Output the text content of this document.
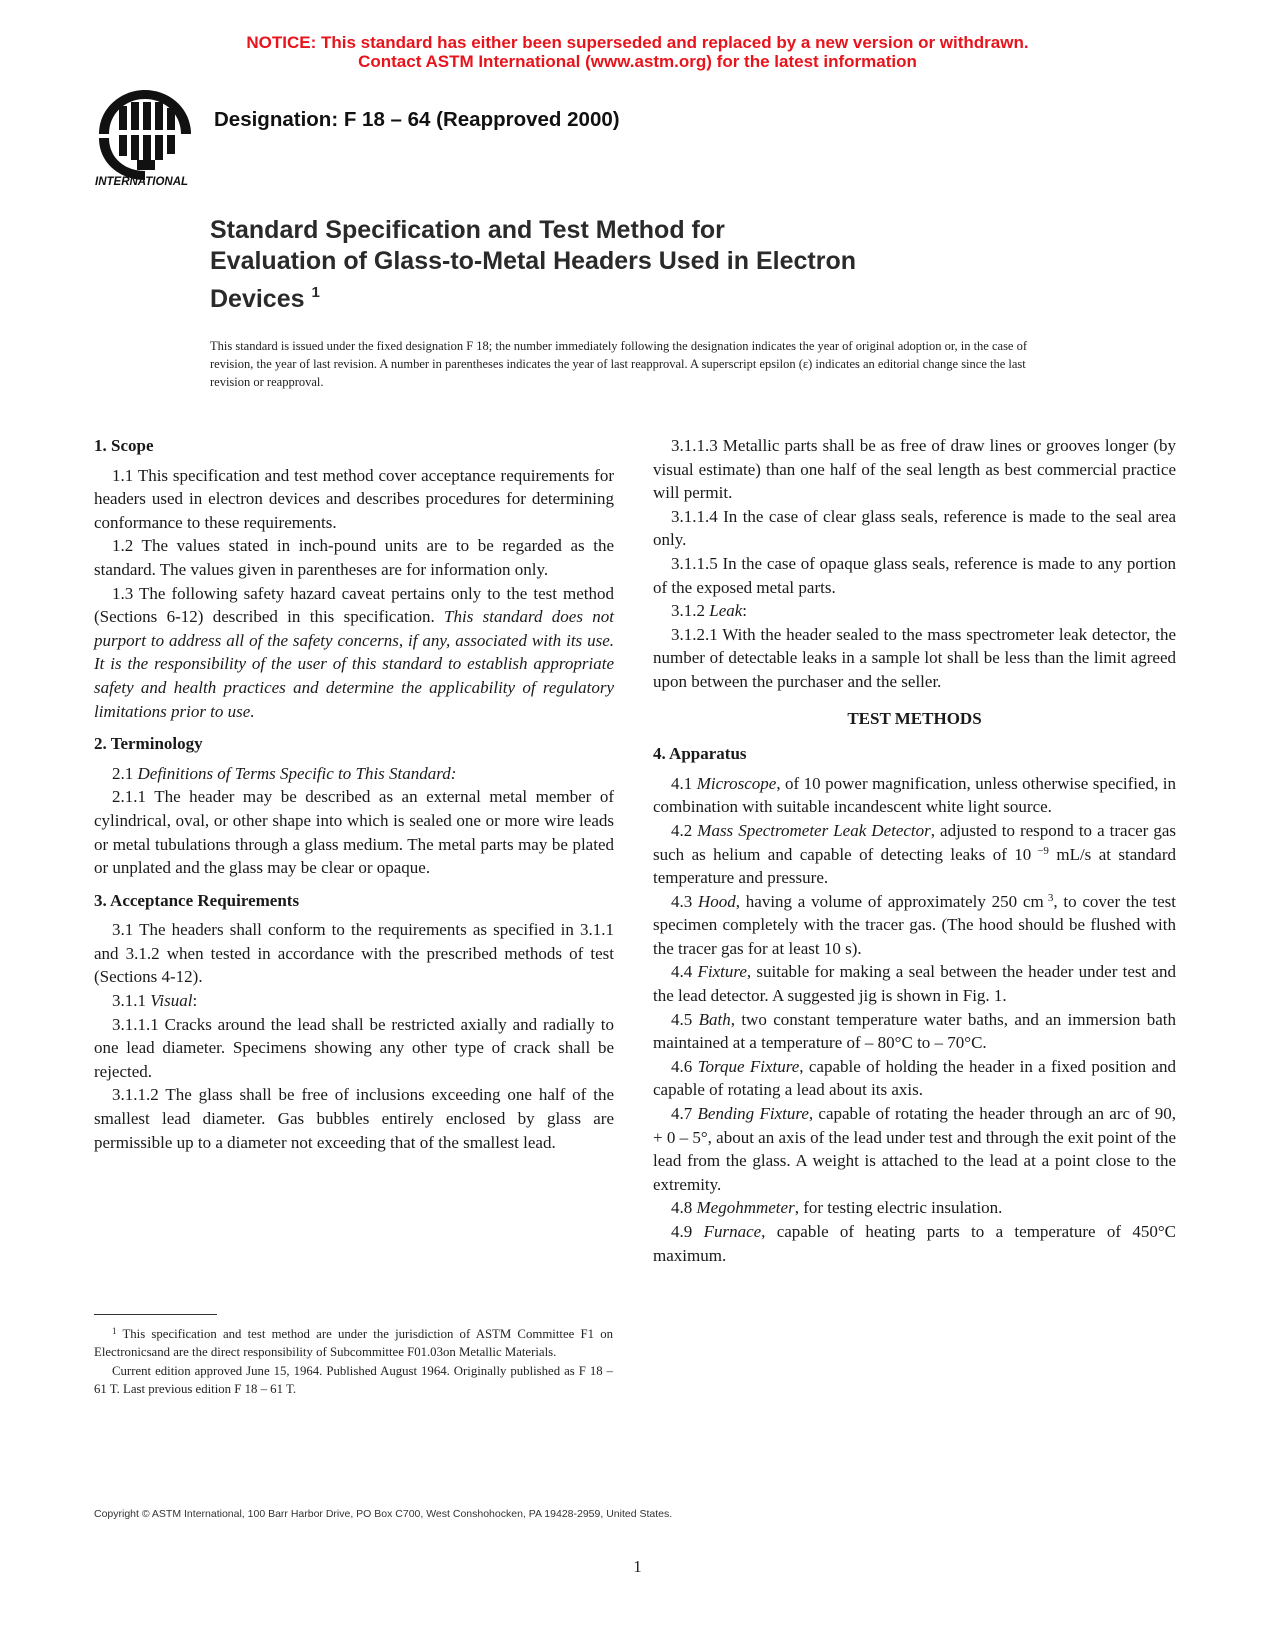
NOTICE: This standard has either been superseded and replaced by a new version or withdrawn.
Contact ASTM International (www.astm.org) for the latest information
INTERNATIONAL
Designation: F 18 – 64 (Reapproved 2000)
Standard Specification and Test Method for
Evaluation of Glass-to-Metal Headers Used in Electron
Devices $^1$
This standard is issued under the fixed designation F 18; the number immediately following the designation indicates the year of original adoption or, in the case of revision, the year of last revision. A number in parentheses indicates the year of last reapproval. A superscript epsilon (ε) indicates an editorial change since the last revision or reapproval.

1. Scope

1.1 This specification and test method cover acceptance requirements for headers used in electron devices and describes procedures for determining conformance to these requirements.

1.2 The values stated in inch-pound units are to be regarded as the standard. The values given in parentheses are for information only.

1.3 The following safety hazard caveat pertains only to the test method (Sections 6-12) described in this specification. This standard does not purport to address all of the safety concerns, if any, associated with its use. It is the responsibility of the user of this standard to establish appropriate safety and health practices and determine the applicability of regulatory limitations prior to use.

2. Terminology

2.1 Definitions of Terms Specific to This Standard:

2.1.1 The header may be described as an external metal member of cylindrical, oval, or other shape into which is sealed one or more wire leads or metal tubulations through a glass medium. The metal parts may be plated or unplated and the glass may be clear or opaque.

3. Acceptance Requirements

3.1 The headers shall conform to the requirements as specified in 3.1.1 and 3.1.2 when tested in accordance with the prescribed methods of test (Sections 4-12).

3.1.1 Visual:

3.1.1.1 Cracks around the lead shall be restricted axially and radially to one lead diameter. Specimens showing any other type of crack shall be rejected.

3.1.1.2 The glass shall be free of inclusions exceeding one half of the smallest lead diameter. Gas bubbles entirely enclosed by glass are permissible up to a diameter not exceeding that of the smallest lead.

$^1$ This specification and test method are under the jurisdiction of ASTM Committee F1 on Electronicsand are the direct responsibility of Subcommittee F01.03on Metallic Materials.

Current edition approved June 15, 1964. Published August 1964. Originally published as F 18 – 61 T. Last previous edition F 18 – 61 T.

3.1.1.3 Metallic parts shall be as free of draw lines or grooves longer (by visual estimate) than one half of the seal length as best commercial practice will permit.

3.1.1.4 In the case of clear glass seals, reference is made to the seal area only.

3.1.1.5 In the case of opaque glass seals, reference is made to any portion of the exposed metal parts.

3.1.2 Leak:

3.1.2.1 With the header sealed to the mass spectrometer leak detector, the number of detectable leaks in a sample lot shall be less than the limit agreed upon between the purchaser and the seller.

TEST METHODS

4. Apparatus

4.1 Microscope, of 10 power magnification, unless otherwise specified, in combination with suitable incandescent white light source.

4.2 Mass Spectrometer Leak Detector, adjusted to respond to a tracer gas such as helium and capable of detecting leaks of 10 $^{-9}$ mL/s at standard temperature and pressure.

4.3 Hood, having a volume of approximately 250 cm $^3$, to cover the test specimen completely with the tracer gas. (The hood should be flushed with the tracer gas for at least 10 s).

4.4 Fixture, suitable for making a seal between the header under test and the lead detector. A suggested jig is shown in Fig. 1.

4.5 Bath, two constant temperature water baths, and an immersion bath maintained at a temperature of – 80°C to – 70°C.

4.6 Torque Fixture, capable of holding the header in a fixed position and capable of rotating a lead about its axis.

4.7 Bending Fixture, capable of rotating the header through an arc of 90, + 0 – 5°, about an axis of the lead under test and through the exit point of the lead from the glass. A weight is attached to the lead at a point close to the extremity.

4.8 Megohmmeter, for testing electric insulation.

4.9 Furnace, capable of heating parts to a temperature of 450°C maximum.

Copyright © ASTM International, 100 Barr Harbor Drive, PO Box C700, West Conshohocken, PA 19428-2959, United States.
1
